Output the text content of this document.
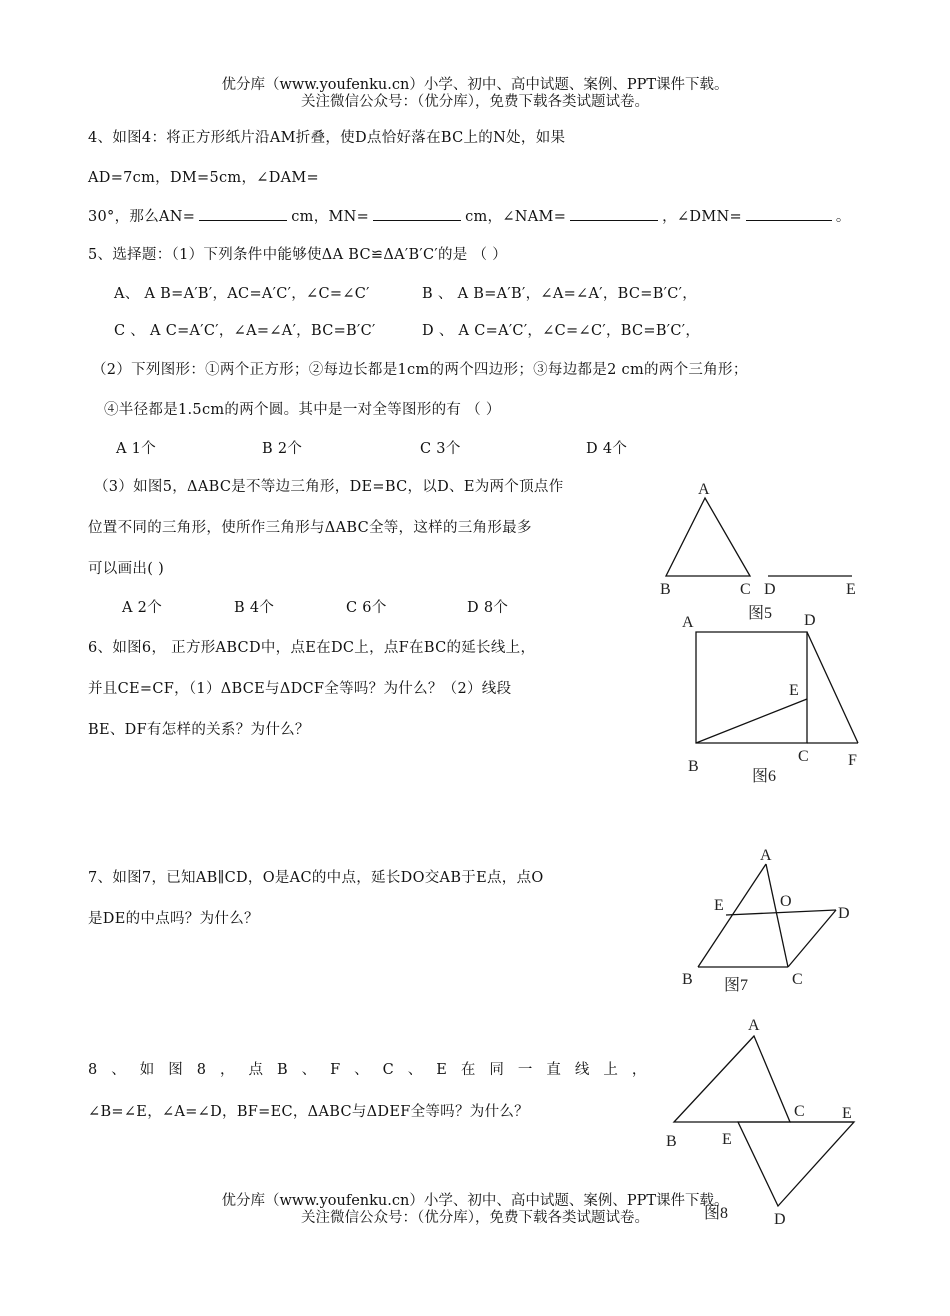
优分库（www.youfenku.cn）小学、初中、高中试题、案例、PPT课件下载。
关注微信公众号：（优分库），免费下载各类试题试卷。
4、如图4：将正方形纸片沿AM折叠，使D点恰好落在BC上的N处，如果
AD=7cm，DM=5cm，∠DAM=
30°，那么AN=	cm，MN=	cm，∠NAM=	，∠DMN=	。
5、选择题：（1）下列条件中能够使ΔA BC≌ΔA′B′C′的是 （ ）
A、 A B=A′B′，AC=A′C′，∠C=∠C′	B 、 A B=A′B′，∠A=∠A′，BC=B′C′，
C 、 A C=A′C′，∠A=∠A′，BC=B′C′	D 、 A C=A′C′，∠C=∠C′，BC=B′C′，
（2）下列图形：①两个正方形；②每边长都是1cm的两个四边形；③每边都是2 cm的两个三角形；
④半径都是1.5cm的两个圆。其中是一对全等图形的有 （ ）
A 1个	B 2个	C 3个	D 4个
（3）如图5，ΔABC是不等边三角形，DE=BC，以D、E为两个顶点作
位置不同的三角形，使所作三角形与ΔABC全等，这样的三角形最多
可以画出( )
A 2个	B 4个	C 6个	D 8个
6、如图6， 正方形ABCD中，点E在DC上，点F在BC的延长线上，
并且CE=CF，（1）ΔBCE与ΔDCF全等吗？为什么？（2）线段
BE、DF有怎样的关系？为什么？
7、如图7，已知AB∥CD，O是AC的中点，延长DO交AB于E点，点O
是DE的中点吗？为什么？
8、如图8，点B、F、C、E在同一直线上，
∠B=∠E，∠A=∠D，BF=EC，ΔABC与ΔDEF全等吗？为什么？
A
B	C D	E
图5
A	D
E
B
C F
图6
A
E	O
D
B	C
图7
A
C E
B	E
D
图8
优分库（www.youfenku.cn）小学、初中、高中试题、案例、PPT课件下载。
关注微信公众号：（优分库），免费下载各类试题试卷。
